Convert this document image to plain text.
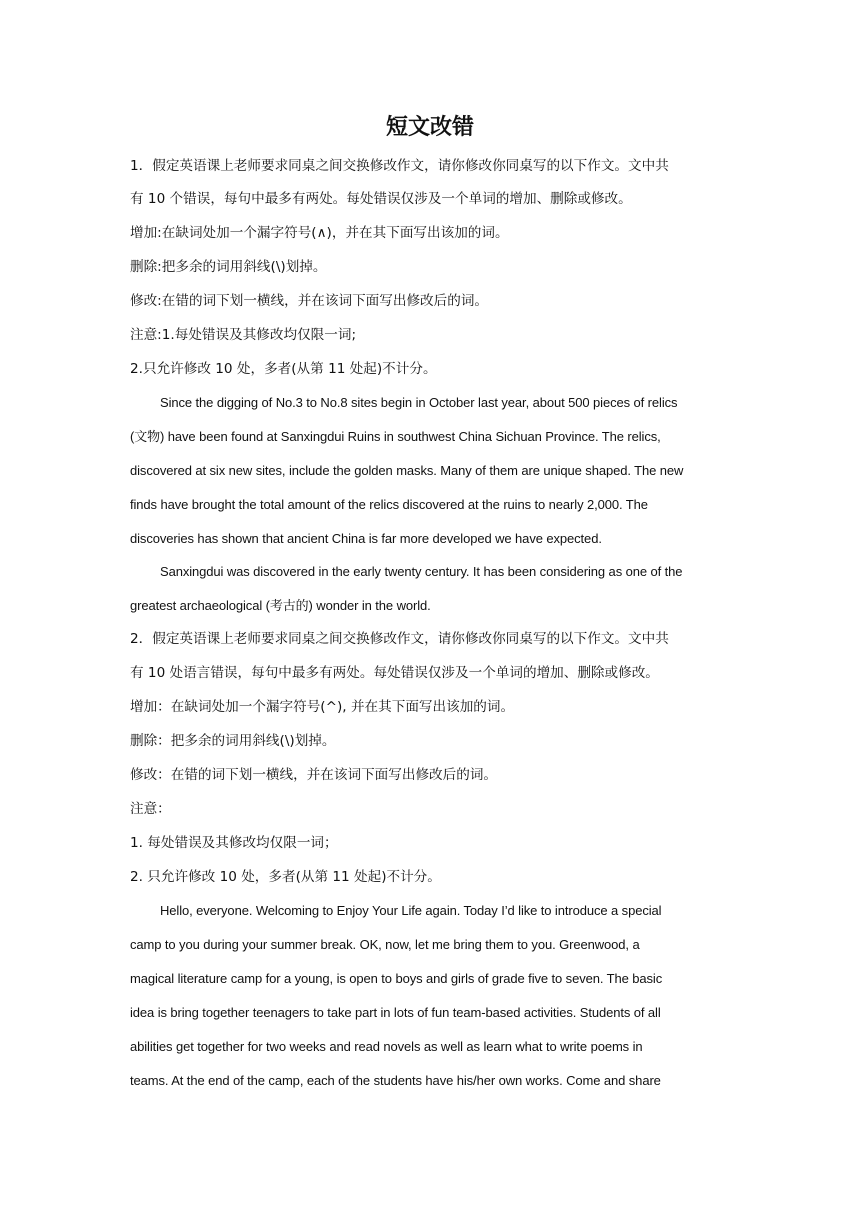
短文改错
1．假定英语课上老师要求同桌之间交换修改作文，请你修改你同桌写的以下作文。文中共
有 10 个错误，每句中最多有两处。每处错误仅涉及一个单词的增加、删除或修改。
增加:在缺词处加一个漏字符号(∧)，并在其下面写出该加的词。
删除:把多余的词用斜线(\)划掉。
修改:在错的词下划一横线，并在该词下面写出修改后的词。
注意:1.每处错误及其修改均仅限一词;
2.只允许修改 10 处，多者(从第 11 处起)不计分。
Since the digging of No.3 to No.8 sites begin in October last year, about 500 pieces of relics
(文物) have been found at Sanxingdui Ruins in southwest China Sichuan Province. The relics,
discovered at six new sites, include the golden masks. Many of them are unique shaped. The new
finds have brought the total amount of the relics discovered at the ruins to nearly 2,000. The
discoveries has shown that ancient China is far more developed we have expected.
Sanxingdui was discovered in the early twenty century. It has been considering as one of the
greatest archaeological (考古的) wonder in the world.
2．假定英语课上老师要求同桌之间交换修改作文，请你修改你同桌写的以下作文。文中共
有 10 处语言错误，每句中最多有两处。每处错误仅涉及一个单词的增加、删除或修改。
增加：在缺词处加一个漏字符号(^), 并在其下面写出该加的词。
删除：把多余的词用斜线(\)划掉。
修改：在错的词下划一横线，并在该词下面写出修改后的词。
注意：
1. 每处错误及其修改均仅限一词；
2. 只允许修改 10 处，多者(从第 11 处起)不计分。
Hello, everyone. Welcoming to Enjoy Your Life again. Today I’d like to introduce a special
camp to you during your summer break. OK, now, let me bring them to you. Greenwood, a
magical literature camp for a young, is open to boys and girls of grade five to seven. The basic
idea is bring together teenagers to take part in lots of fun team-based activities. Students of all
abilities get together for two weeks and read novels as well as learn what to write poems in
teams. At the end of the camp, each of the students have his/her own works. Come and share
